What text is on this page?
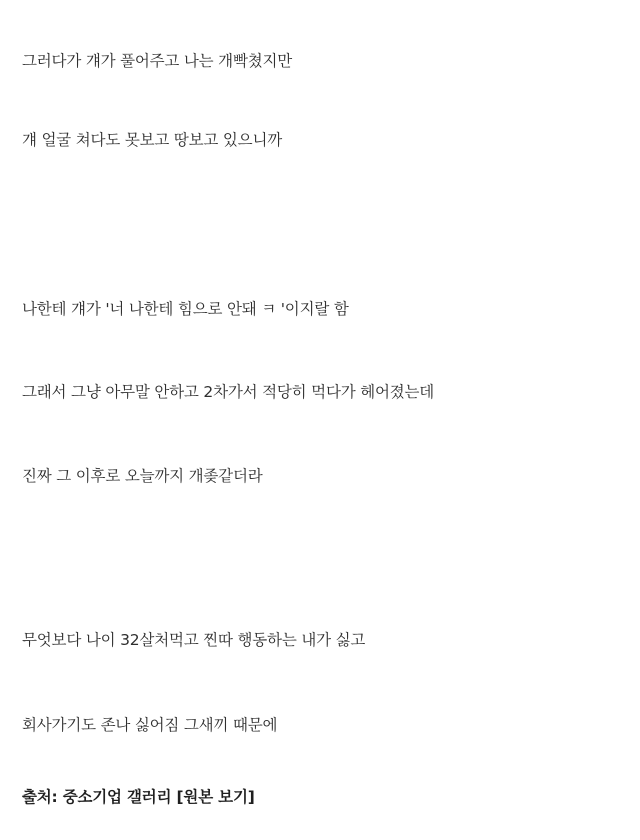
그러다가 걔가 풀어주고 나는 개빡쳤지만
걔 얼굴 쳐다도 못보고 땅보고 있으니까
나한테 걔가 '너 나한테 힘으로 안돼 ㅋ '이지랄 함
그래서 그냥 아무말 안하고 2차가서 적당히 먹다가 헤어졌는데
진짜 그 이후로 오늘까지 개좆같더라
무엇보다 나이 32살처먹고 찐따 행동하는 내가 싫고
회사가기도 존나 싫어짐 그새끼 때문에
출처: 중소기업 갤러리 [원본 보기]
